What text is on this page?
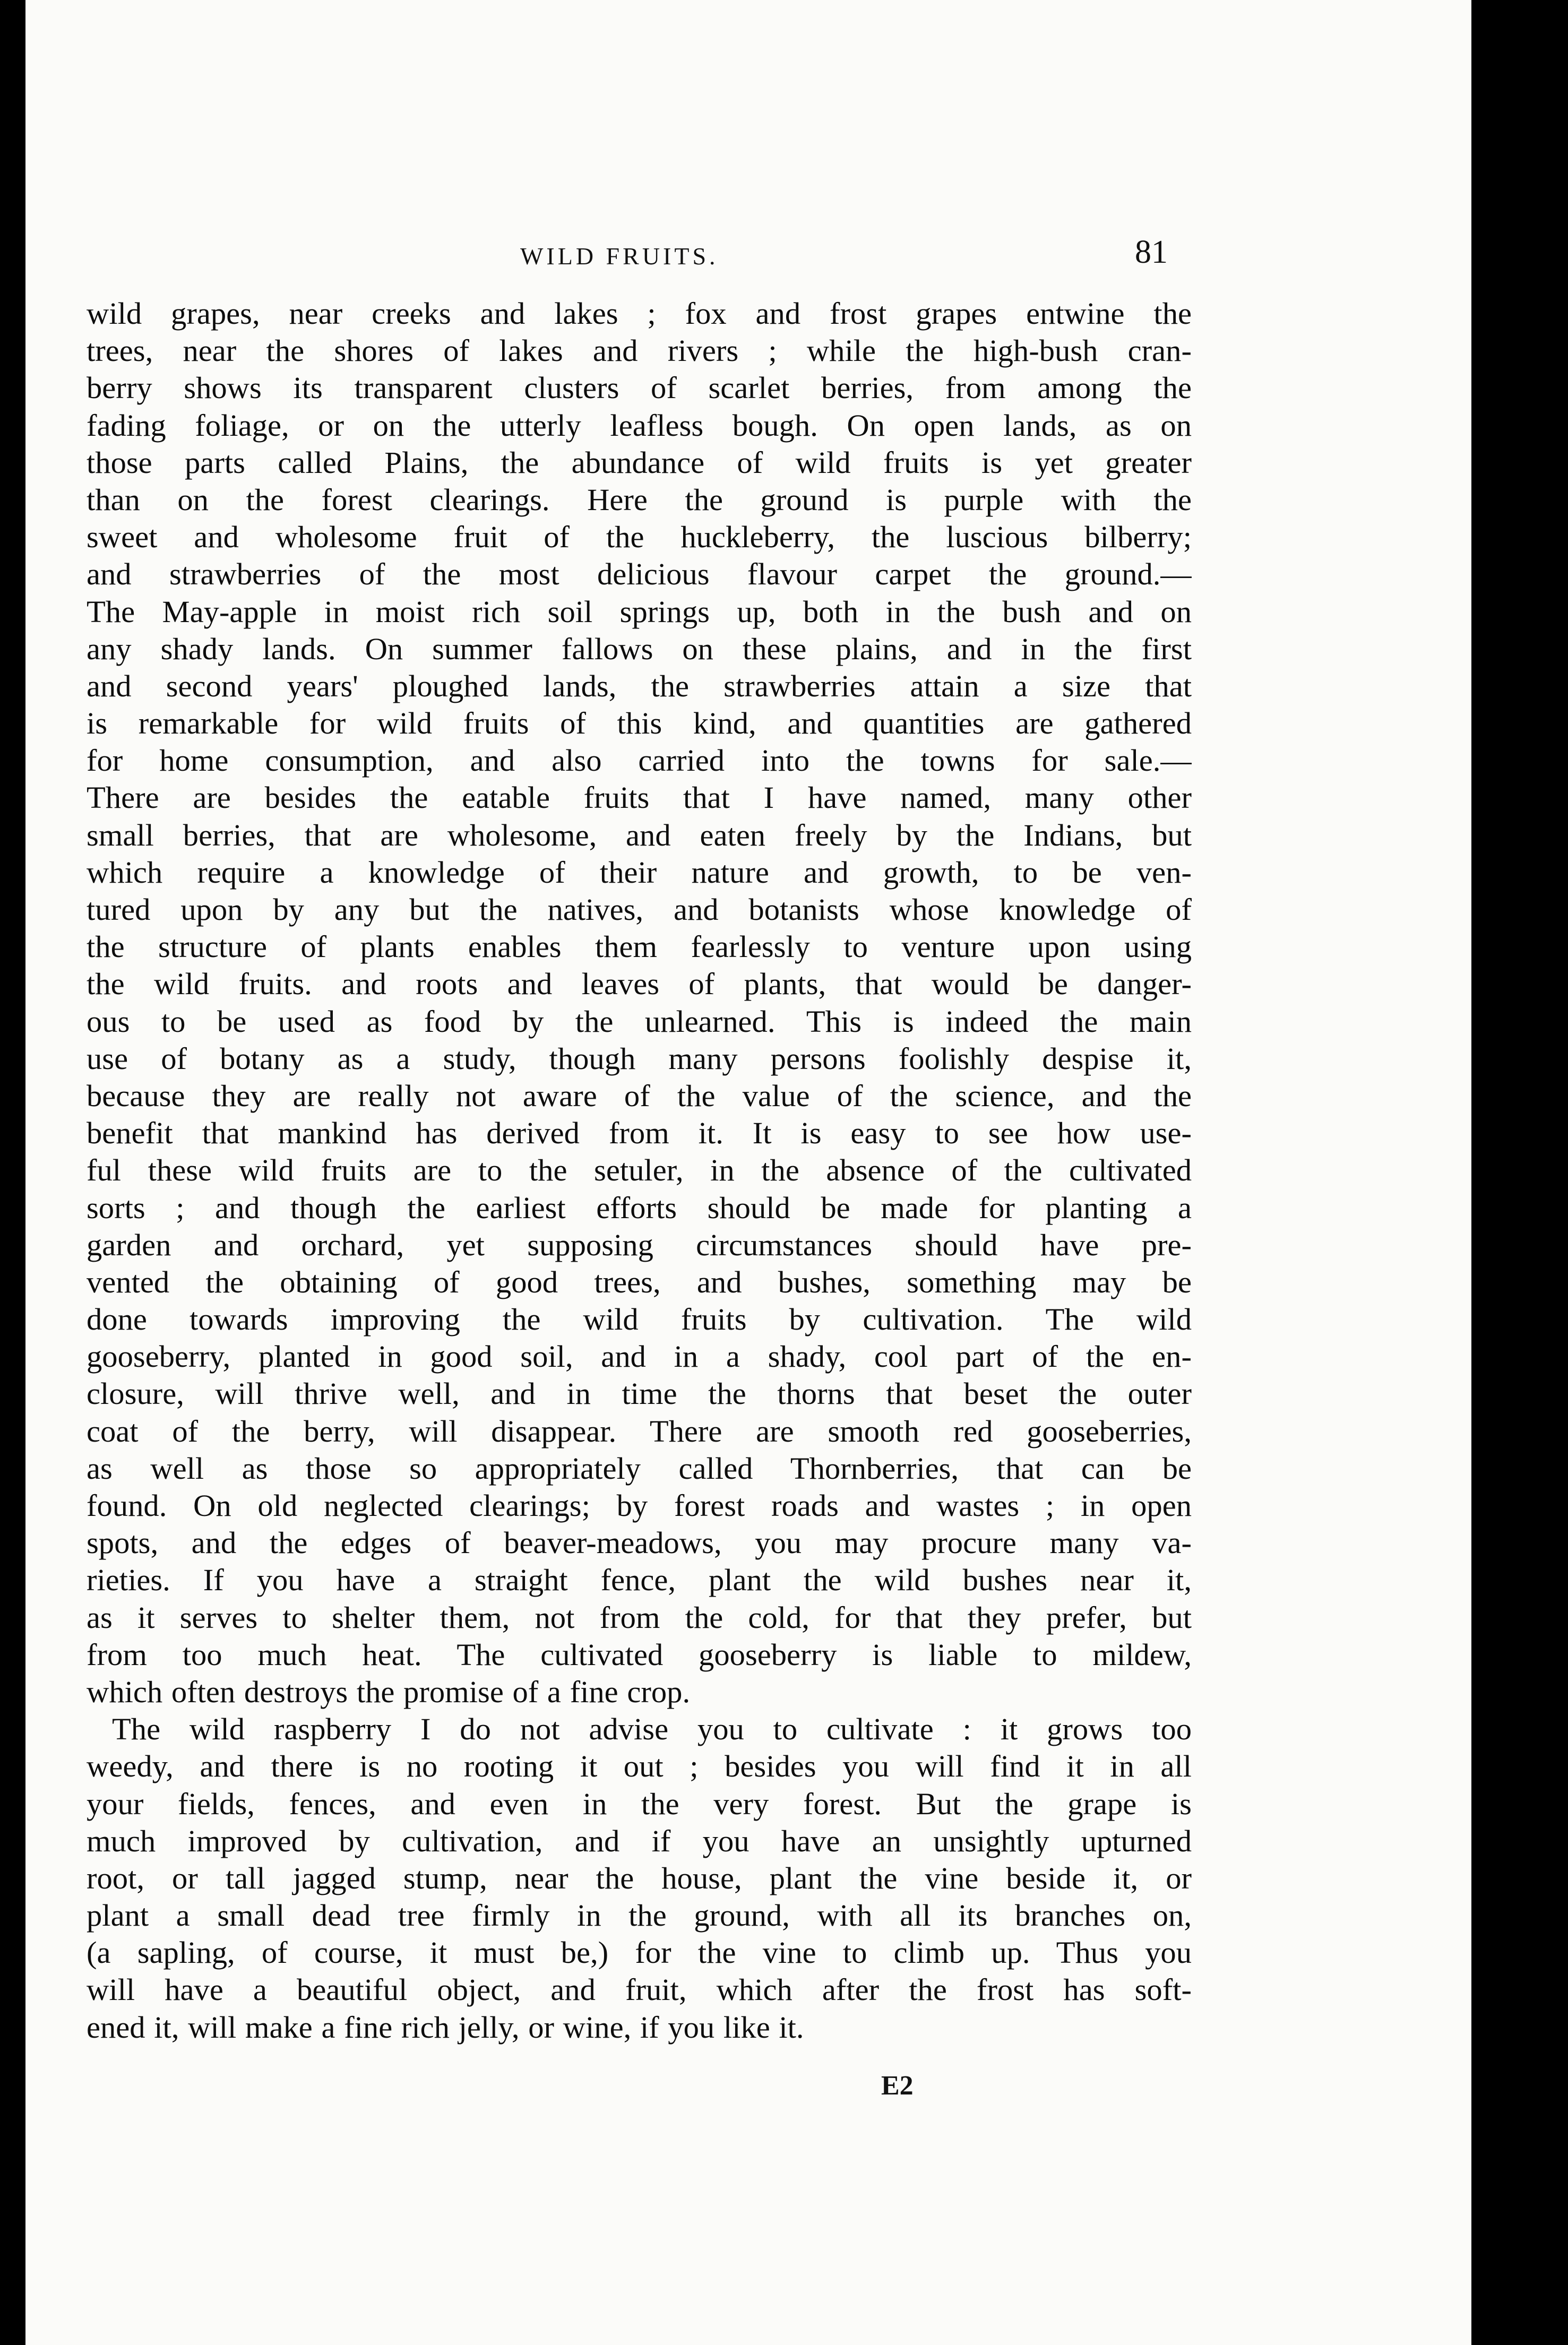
WILD FRUITS.	81
wild grapes, near creeks and lakes ; fox and frost grapes entwine the
trees, near the shores of lakes and rivers ; while the high-bush cran-
berry shows its transparent clusters of scarlet berries, from among the
fading foliage, or on the utterly leafless bough. On open lands, as on
those parts called Plains, the abundance of wild fruits is yet greater
than on the forest clearings. Here the ground is purple with the
sweet and wholesome fruit of the huckleberry, the luscious bilberry;
and strawberries of the most delicious flavour carpet the ground.—
The May-apple in moist rich soil springs up, both in the bush and on
any shady lands. On summer fallows on these plains, and in the first
and second years' ploughed lands, the strawberries attain a size that
is remarkable for wild fruits of this kind, and quantities are gathered
for home consumption, and also carried into the towns for sale.—
There are besides the eatable fruits that I have named, many other
small berries, that are wholesome, and eaten freely by the Indians, but
which require a knowledge of their nature and growth, to be ven-
tured upon by any but the natives, and botanists whose knowledge of
the structure of plants enables them fearlessly to venture upon using
the wild fruits. and roots and leaves of plants, that would be danger-
ous to be used as food by the unlearned. This is indeed the main
use of botany as a study, though many persons foolishly despise it,
because they are really not aware of the value of the science, and the
benefit that mankind has derived from it. It is easy to see how use-
ful these wild fruits are to the setuler, in the absence of the cultivated
sorts ; and though the earliest efforts should be made for planting a
garden and orchard, yet supposing circumstances should have pre-
vented the obtaining of good trees, and bushes, something may be
done towards improving the wild fruits by cultivation. The wild
gooseberry, planted in good soil, and in a shady, cool part of the en-
closure, will thrive well, and in time the thorns that beset the outer
coat of the berry, will disappear. There are smooth red gooseberries,
as well as those so appropriately called Thornberries, that can be
found. On old neglected clearings; by forest roads and wastes ; in open
spots, and the edges of beaver-meadows, you may procure many va-
rieties. If you have a straight fence, plant the wild bushes near it,
as it serves to shelter them, not from the cold, for that they prefer, but
from too much heat. The cultivated gooseberry is liable to mildew,
which often destroys the promise of a fine crop.
The wild raspberry I do not advise you to cultivate : it grows too
weedy, and there is no rooting it out ; besides you will find it in all
your fields, fences, and even in the very forest. But the grape is
much improved by cultivation, and if you have an unsightly upturned
root, or tall jagged stump, near the house, plant the vine beside it, or
plant a small dead tree firmly in the ground, with all its branches on,
(a sapling, of course, it must be,) for the vine to climb up. Thus you
will have a beautiful object, and fruit, which after the frost has soft-
ened it, will make a fine rich jelly, or wine, if you like it.
E2
